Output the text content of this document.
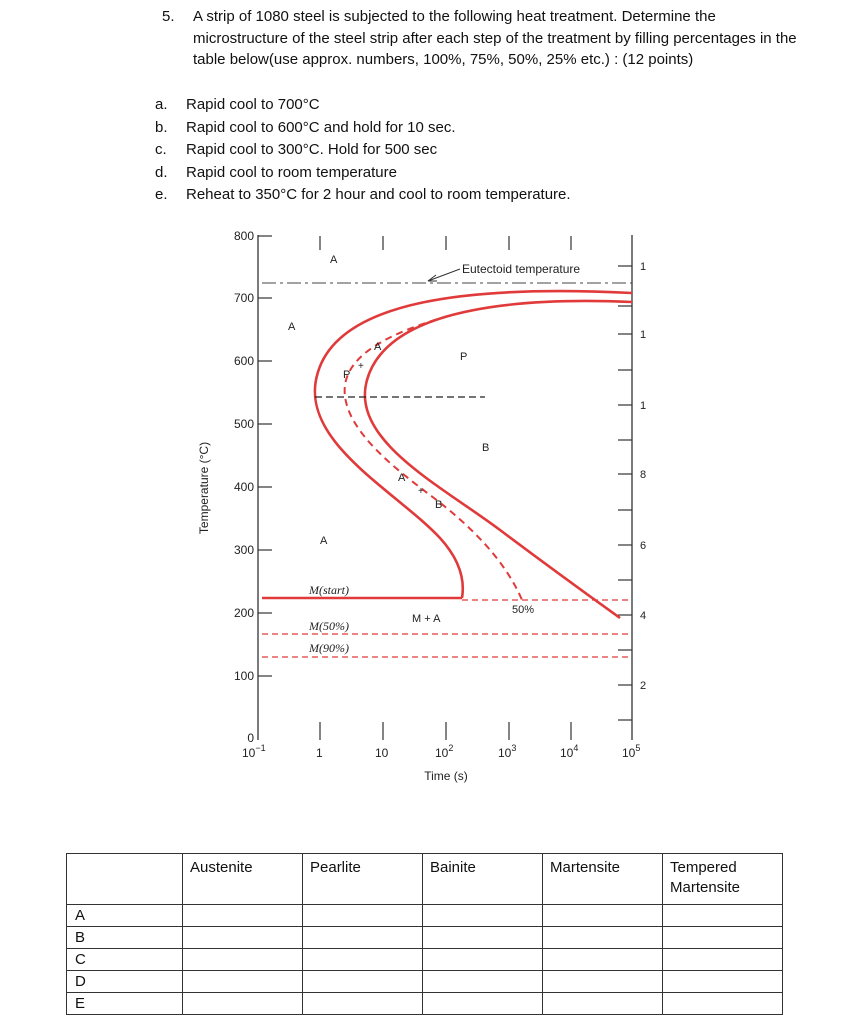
5. A strip of 1080 steel is subjected to the following heat treatment. Determine the microstructure of the steel strip after each step of the treatment by filling percentages in the table below(use approx. numbers, 100%, 75%, 50%, 25% etc.) : (12 points)
a.	Rapid cool to 700°C
b.	Rapid cool to 600°C and hold for 10 sec.
c.	Rapid cool to 300°C. Hold for 500 sec
d.	Rapid cool to room temperature
e.	Reheat to 350°C for 2 hour and cool to room temperature.
800
700
600
500
400
300
200
100
0
Temperature (°C)
$10^{-1}$	1	10	$10^2$	$10^3$	$10^4$	$10^5$
Time (s)
1
1
1
8
6
4
2
Eutectoid temperature
A
A
A
P
P
B
A
B
A
M + A
50%
+
+
M(start)
M(50%)
M(90%)
	Austenite	Pearlite	Bainite	Martensite	Tempered Martensite
A					
B					
C					
D					
E					
